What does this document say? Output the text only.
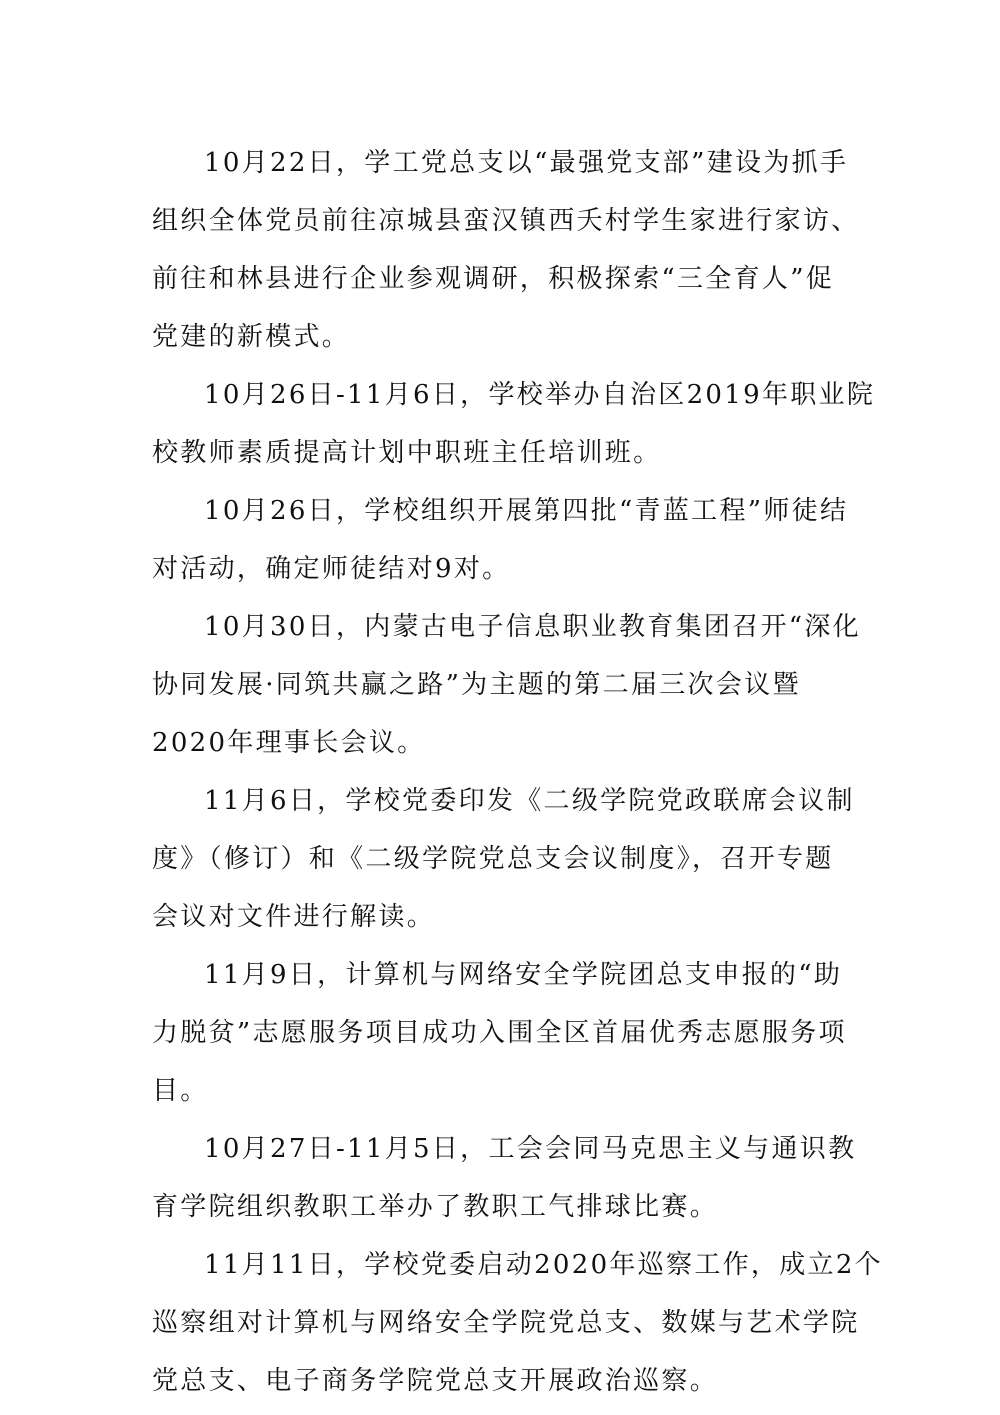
10月22日，学工党总支以“最强党支部”建设为抓手
组织全体党员前往凉城县蛮汉镇西夭村学生家进行家访、
前往和林县进行企业参观调研，积极探索“三全育人”促
党建的新模式。

10月26日-11月6日，学校举办自治区2019年职业院
校教师素质提高计划中职班主任培训班。

10月26日，学校组织开展第四批“青蓝工程”师徒结
对活动，确定师徒结对9对。

10月30日，内蒙古电子信息职业教育集团召开“深化
协同发展·同筑共赢之路”为主题的第二届三次会议暨
2020年理事长会议。

11月6日，学校党委印发《二级学院党政联席会议制
度》（修订）和《二级学院党总支会议制度》，召开专题
会议对文件进行解读。

11月9日，计算机与网络安全学院团总支申报的“助
力脱贫”志愿服务项目成功入围全区首届优秀志愿服务项
目。

10月27日-11月5日，工会会同马克思主义与通识教
育学院组织教职工举办了教职工气排球比赛。

11月11日，学校党委启动2020年巡察工作，成立2个
巡察组对计算机与网络安全学院党总支、数媒与艺术学院
党总支、电子商务学院党总支开展政治巡察。
